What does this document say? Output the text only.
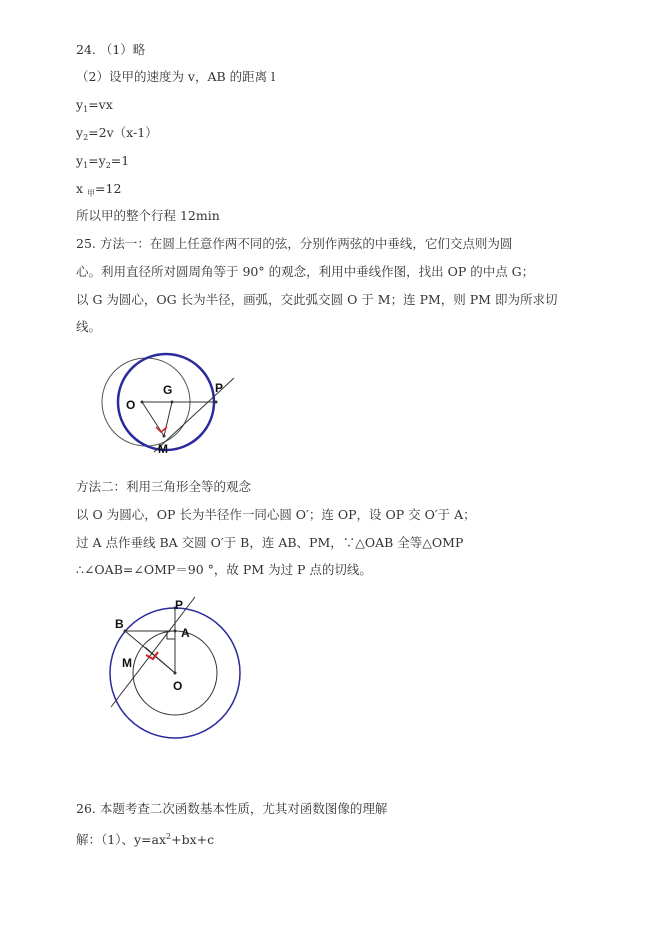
24. （1）略
（2）设甲的速度为 v，AB 的距离 l
$y_1=vx$
$y_2=2v(x-1)$
$y_1=y_2=1$
x $_甲$=12
所以甲的整个行程 12min
25. 方法一：在圆上任意作两不同的弦，分别作两弦的中垂线，它们交点则为圆
心。利用直径所对圆周角等于 90° 的观念，利用中垂线作图，找出 OP 的中点 G；
以 G 为圆心，OG 长为半径，画弧，交此弧交圆 O 于 M；连 PM，则 PM 即为所求切
线。
O
G	P
M
方法二：利用三角形全等的观念
以 O 为圆心，OP 长为半径作一同心圆 O′；连 OP，设 OP 交 O′于 A；
过 A 点作垂线 BA 交圆 O′于 B，连 AB、PM，∵△OAB 全等△OMP
∴∠OAB=∠OMP＝90 °，故 PM 为过 P 点的切线。
P
B
A
M
O
26. 本题考查二次函数基本性质，尤其对函数图像的理解
解：（1）、$y=ax^2+bx+c$
